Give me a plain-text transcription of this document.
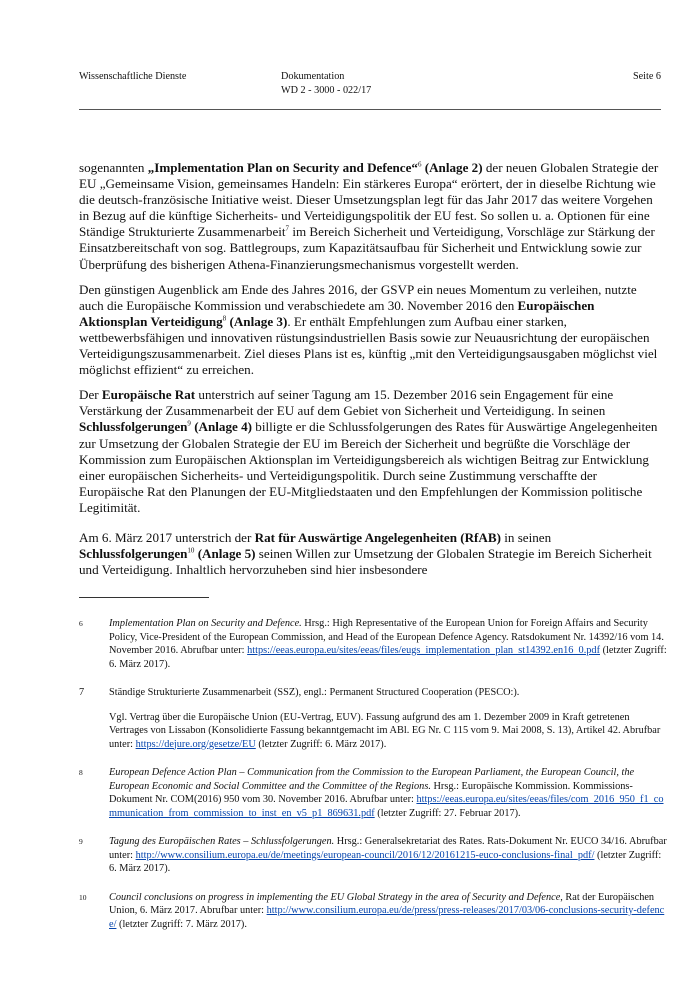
Wissenschaftliche Dienste	Dokumentation
WD 2 - 3000 - 022/17
Seite 6

sogenannten „Implementation Plan on Security and Defence“$^6$ (Anlage 2) der neuen Globalen Strategie der EU „Gemeinsame Vision, gemeinsames Handeln: Ein stärkeres Europa“ erörtert, der in dieselbe Richtung wie die deutsch-französische Initiative weist. Dieser Umsetzungsplan legt für das Jahr 2017 das weitere Vorgehen in Bezug auf die künftige Sicherheits- und Verteidigungspolitik der EU fest. So sollen u. a. Optionen für eine Ständige Strukturierte Zusammenarbeit$^7$ im Bereich Sicherheit und Verteidigung, Vorschläge zur Stärkung der Einsatzbereitschaft von sog. Battlegroups, zum Kapazitätsaufbau für Sicherheit und Entwicklung sowie zur Überprüfung des bisherigen Athena-Finanzierungsmechanismus vorgestellt werden.

Den günstigen Augenblick am Ende des Jahres 2016, der GSVP ein neues Momentum zu verleihen, nutzte auch die Europäische Kommission und verabschiedete am 30. November 2016 den Europäischen Aktionsplan Verteidigung$^8$ (Anlage 3). Er enthält Empfehlungen zum Aufbau einer starken, wettbewerbsfähigen und innovativen rüstungsindustriellen Basis sowie zur Neuausrichtung der europäischen Verteidigungszusammenarbeit. Ziel dieses Plans ist es, künftig „mit den Verteidigungsausgaben möglichst viel möglichst effizient“ zu erreichen.

Der Europäische Rat unterstrich auf seiner Tagung am 15. Dezember 2016 sein Engagement für eine Verstärkung der Zusammenarbeit der EU auf dem Gebiet von Sicherheit und Verteidigung. In seinen Schlussfolgerungen$^9$ (Anlage 4) billigte er die Schlussfolgerungen des Rates für Auswärtige Angelegenheiten zur Umsetzung der Globalen Strategie der EU im Bereich der Sicherheit und begrüßte die Vorschläge der Kommission zum Europäischen Aktionsplan im Verteidigungsbereich als wichtigen Beitrag zur Entwicklung einer europäischen Sicherheits- und Verteidigungspolitik. Durch seine Zustimmung verschaffte der Europäische Rat den Planungen der EU-Mitgliedstaaten und den Empfehlungen der Kommission politische Legitimität.

Am 6. März 2017 unterstrich der Rat für Auswärtige Angelegenheiten (RfAB) in seinen Schlussfolgerungen$^{10}$ (Anlage 5) seinen Willen zur Umsetzung der Globalen Strategie im Bereich Sicherheit und Verteidigung. Inhaltlich hervorzuheben sind hier insbesondere

6	Implementation Plan on Security and Defence. Hrsg.: High Representative of the European Union for Foreign Affairs and Security Policy, Vice-President of the European Commission, and Head of the European Defence Agency. Ratsdokument Nr. 14392/16 vom 14. November 2016. Abrufbar unter: https://eeas.europa.eu/sites/eeas/files/eugs_implementation_plan_st14392.en16_0.pdf (letzter Zugriff: 6. März 2017).

7 Ständige Strukturierte Zusammenarbeit (SSZ), engl.: Permanent Structured Cooperation (PESCO:).

Vgl. Vertrag über die Europäische Union (EU-Vertrag, EUV). Fassung aufgrund des am 1. Dezember 2009 in Kraft getretenen Vertrages von Lissabon (Konsolidierte Fassung bekanntgemacht im ABl. EG Nr. C 115 vom 9. Mai 2008, S. 13), Artikel 42. Abrufbar unter: https://dejure.org/gesetze/EU (letzter Zugriff: 6. März 2017).

8	European Defence Action Plan – Communication from the Commission to the European Parliament, the European Council, the European Economic and Social Committee and the Committee of the Regions. Hrsg.: Europäische Kommission. Kommissions-Dokument Nr. COM(2016) 950 vom 30. November 2016. Abrufbar unter: https://eeas.europa.eu/sites/eeas/files/com_2016_950_f1_communication_from_commission_to_inst_en_v5_p1_869631.pdf (letzter Zugriff: 27. Februar 2017).

9	Tagung des Europäischen Rates – Schlussfolgerungen. Hrsg.: Generalsekretariat des Rates. Rats-Dokument Nr. EUCO 34/16. Abrufbar unter: http://www.consilium.europa.eu/de/meetings/european-council/2016/12/20161215-euco-conclusions-final_pdf/ (letzter Zugriff: 6. März 2017).

10 Council conclusions on progress in implementing the EU Global Strategy in the area of Security and Defence, Rat der Europäischen Union, 6. März 2017. Abrufbar unter: http://www.consilium.europa.eu/de/press/press-releases/2017/03/06-conclusions-security-defence/ (letzter Zugriff: 7. März 2017).
